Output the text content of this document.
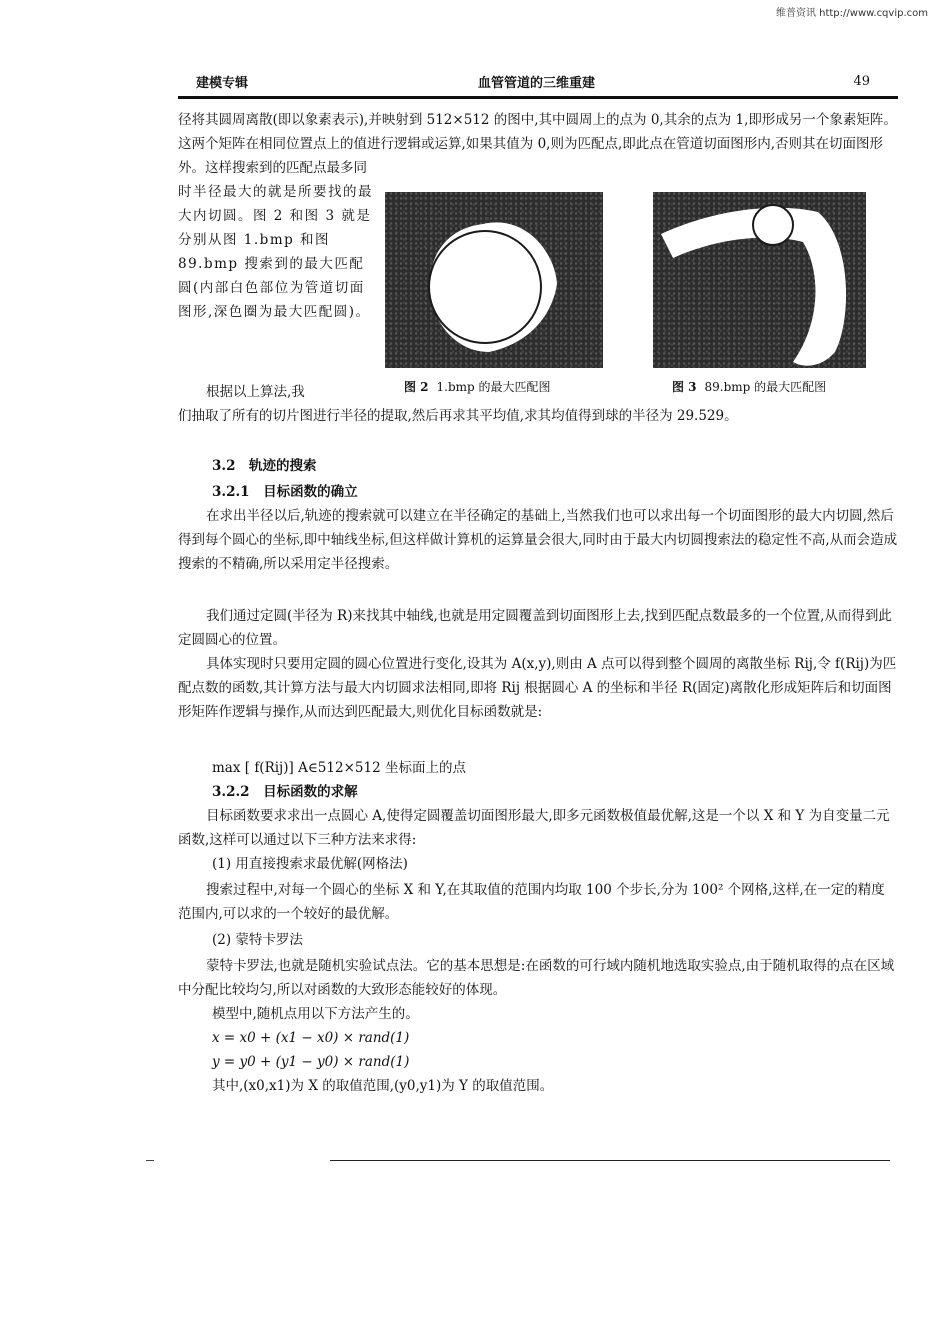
维普资讯 http://www.cqvip.com
建模专辑	血管管道的三维重建	49
径将其圆周离散(即以象素表示),并映射到 512×512 的图中,其中圆周上的点为 0,其余的点为 1,即形成另一个象素矩阵。这两个矩阵在相同位置点上的值进行逻辑或运算,如果其值为 0,则为匹配点,即此点在管道切面图形内,否则其在切面图形外。这样搜索到的匹配点最多同
时半径最大的就是所要找的最大内切圆。图 2 和图 3 就是分别从图 1.bmp 和图 89.bmp 搜索到的最大匹配圆(内部白色部位为管道切面图形,深色圈为最大匹配圆)。
图 2 1.bmp 的最大匹配图	图 3 89.bmp 的最大匹配图
根据以上算法,我
们抽取了所有的切片图进行半径的提取,然后再求其平均值,求其均值得到球的半径为 29.529。
3.2　轨迹的搜索
3.2.1　目标函数的确立
在求出半径以后,轨迹的搜索就可以建立在半径确定的基础上,当然我们也可以求出每一个切面图形的最大内切圆,然后得到每个圆心的坐标,即中轴线坐标,但这样做计算机的运算量会很大,同时由于最大内切圆搜索法的稳定性不高,从而会造成搜索的不精确,所以采用定半径搜索。
我们通过定圆(半径为 R)来找其中轴线,也就是用定圆覆盖到切面图形上去,找到匹配点数最多的一个位置,从而得到此定圆圆心的位置。
具体实现时只要用定圆的圆心位置进行变化,设其为 A(x,y),则由 A 点可以得到整个圆周的离散坐标 Rij,令 f(Rij)为匹配点数的函数,其计算方法与最大内切圆求法相同,即将 Rij 根据圆心 A 的坐标和半径 R(固定)离散化形成矩阵后和切面图形矩阵作逻辑与操作,从而达到匹配最大,则优化目标函数就是:
max [ f(Rij)] A∈512×512 坐标面上的点
3.2.2　目标函数的求解
目标函数要求求出一点圆心 A,使得定圆覆盖切面图形最大,即多元函数极值最优解,这是一个以 X 和 Y 为自变量二元函数,这样可以通过以下三种方法来求得:
(1) 用直接搜索求最优解(网格法)
搜索过程中,对每一个圆心的坐标 X 和 Y,在其取值的范围内均取 100 个步长,分为 100² 个网格,这样,在一定的精度范围内,可以求的一个较好的最优解。
(2) 蒙特卡罗法
蒙特卡罗法,也就是随机实验试点法。它的基本思想是:在函数的可行域内随机地选取实验点,由于随机取得的点在区域中分配比较均匀,所以对函数的大致形态能较好的体现。
模型中,随机点用以下方法产生的。
x = x0 + (x1 − x0) × rand(1)
y = y0 + (y1 − y0) × rand(1)
其中,(x0,x1)为 X 的取值范围,(y0,y1)为 Y 的取值范围。
